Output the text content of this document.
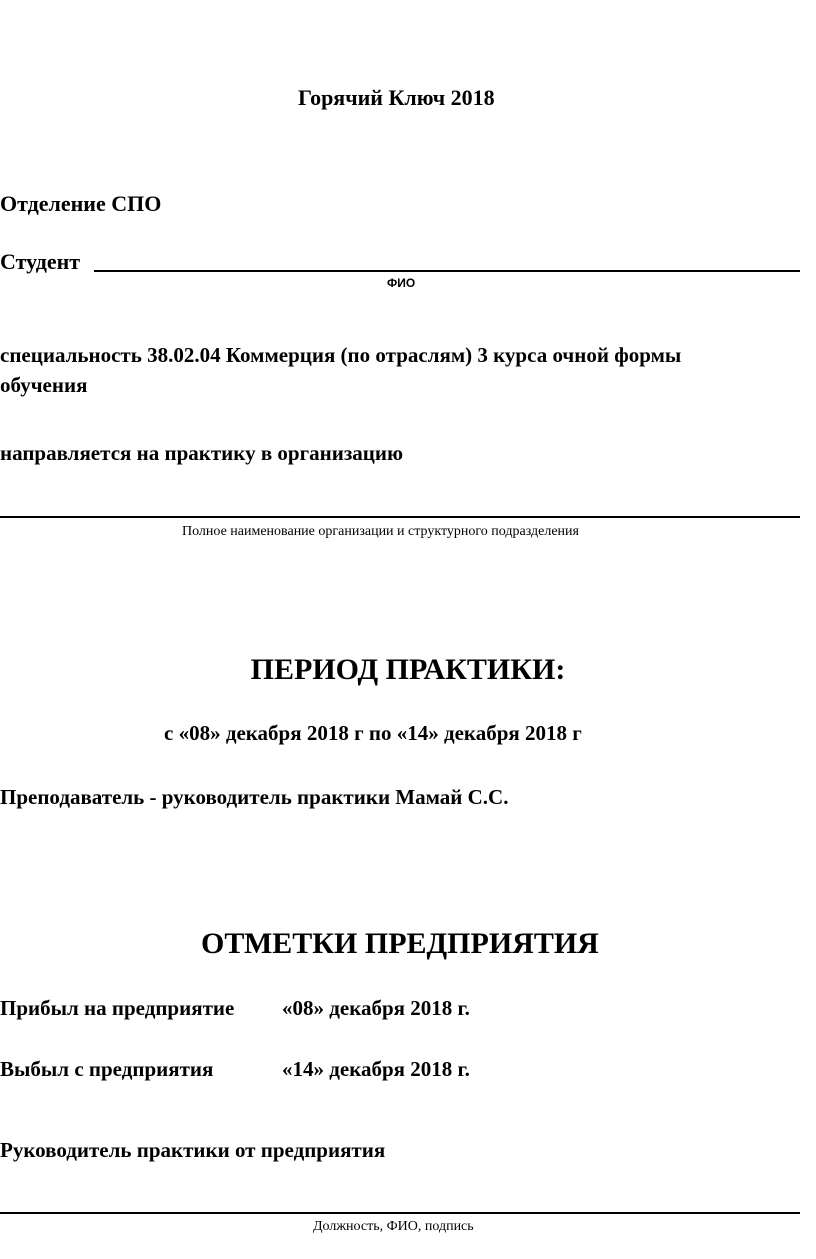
Горячий Ключ 2018
Отделение СПО
Студент
ФИО
специальность 38.02.04 Коммерция (по отраслям) 3 курса очной формы
обучения
направляется на практику в организацию
Полное наименование организации и структурного подразделения
ПЕРИОД ПРАКТИКИ:
с «08» декабря 2018 г по «14» декабря 2018 г
Преподаватель - руководитель практики Мамай С.С.
ОТМЕТКИ ПРЕДПРИЯТИЯ
Прибыл на предприятие «08» декабря 2018 г.
Выбыл с предприятия	«14» декабря 2018 г.
Руководитель практики от предприятия
Должность, ФИО, подпись
